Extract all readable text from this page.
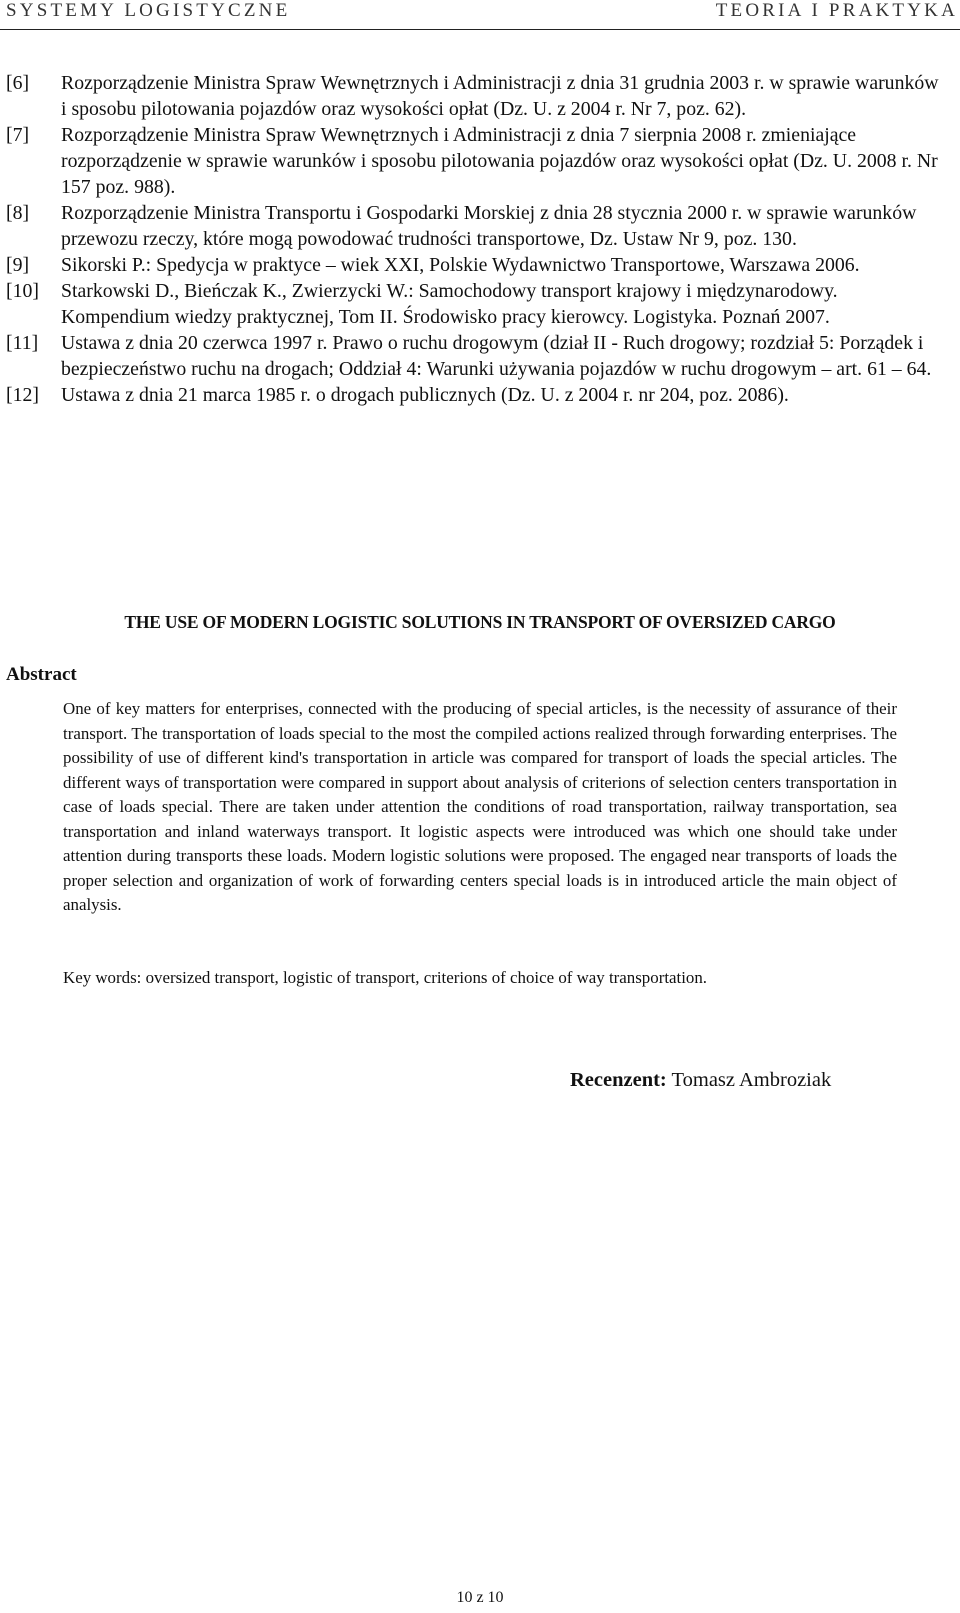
SYSTEMY LOGISTYCZNE	TEORIA I PRAKTYKA
[6] Rozporządzenie Ministra Spraw Wewnętrznych i Administracji z dnia 31 grudnia 2003 r. w sprawie warunków i sposobu pilotowania pojazdów oraz wysokości opłat (Dz. U. z 2004 r. Nr 7, poz. 62).
[7] Rozporządzenie Ministra Spraw Wewnętrznych i Administracji z dnia 7 sierpnia 2008 r. zmieniające rozporządzenie w sprawie warunków i sposobu pilotowania pojazdów oraz wysokości opłat (Dz. U. 2008 r. Nr 157 poz. 988).
[8] Rozporządzenie Ministra Transportu i Gospodarki Morskiej z dnia 28 stycznia 2000 r. w sprawie warunków przewozu rzeczy, które mogą powodować trudności transportowe, Dz. Ustaw Nr 9, poz. 130.
[9] Sikorski P.: Spedycja w praktyce – wiek XXI, Polskie Wydawnictwo Transportowe, Warszawa 2006.
[10] Starkowski D., Bieńczak K., Zwierzycki W.: Samochodowy transport krajowy i międzynarodowy. Kompendium wiedzy praktycznej, Tom II. Środowisko pracy kierowcy. Logistyka. Poznań 2007.
[11] Ustawa z dnia 20 czerwca 1997 r. Prawo o ruchu drogowym (dział II - Ruch drogowy; rozdział 5: Porządek i bezpieczeństwo ruchu na drogach; Oddział 4: Warunki używania pojazdów w ruchu drogowym – art. 61 – 64.
[12] Ustawa z dnia 21 marca 1985 r. o drogach publicznych (Dz. U. z 2004 r. nr 204, poz. 2086).
THE USE OF MODERN LOGISTIC SOLUTIONS IN TRANSPORT OF OVERSIZED CARGO
Abstract

One of key matters for enterprises, connected with the producing of special articles, is the necessity of assurance of their transport. The transportation of loads special to the most the compiled actions realized through forwarding enterprises. The possibility of use of different kind's transportation in article was compared for transport of loads the special articles. The different ways of transportation were compared in support about analysis of criterions of selection centers transportation in case of loads special. There are taken under attention the conditions of road transportation, railway transportation, sea transportation and inland waterways transport. It logistic aspects were introduced was which one should take under attention during transports these loads. Modern logistic solutions were proposed. The engaged near transports of loads the proper selection and organization of work of forwarding centers special loads is in introduced article the main object of analysis.

Key words: oversized transport, logistic of transport, criterions of choice of way transportation.
Recenzent: Tomasz Ambroziak
10 z 10
